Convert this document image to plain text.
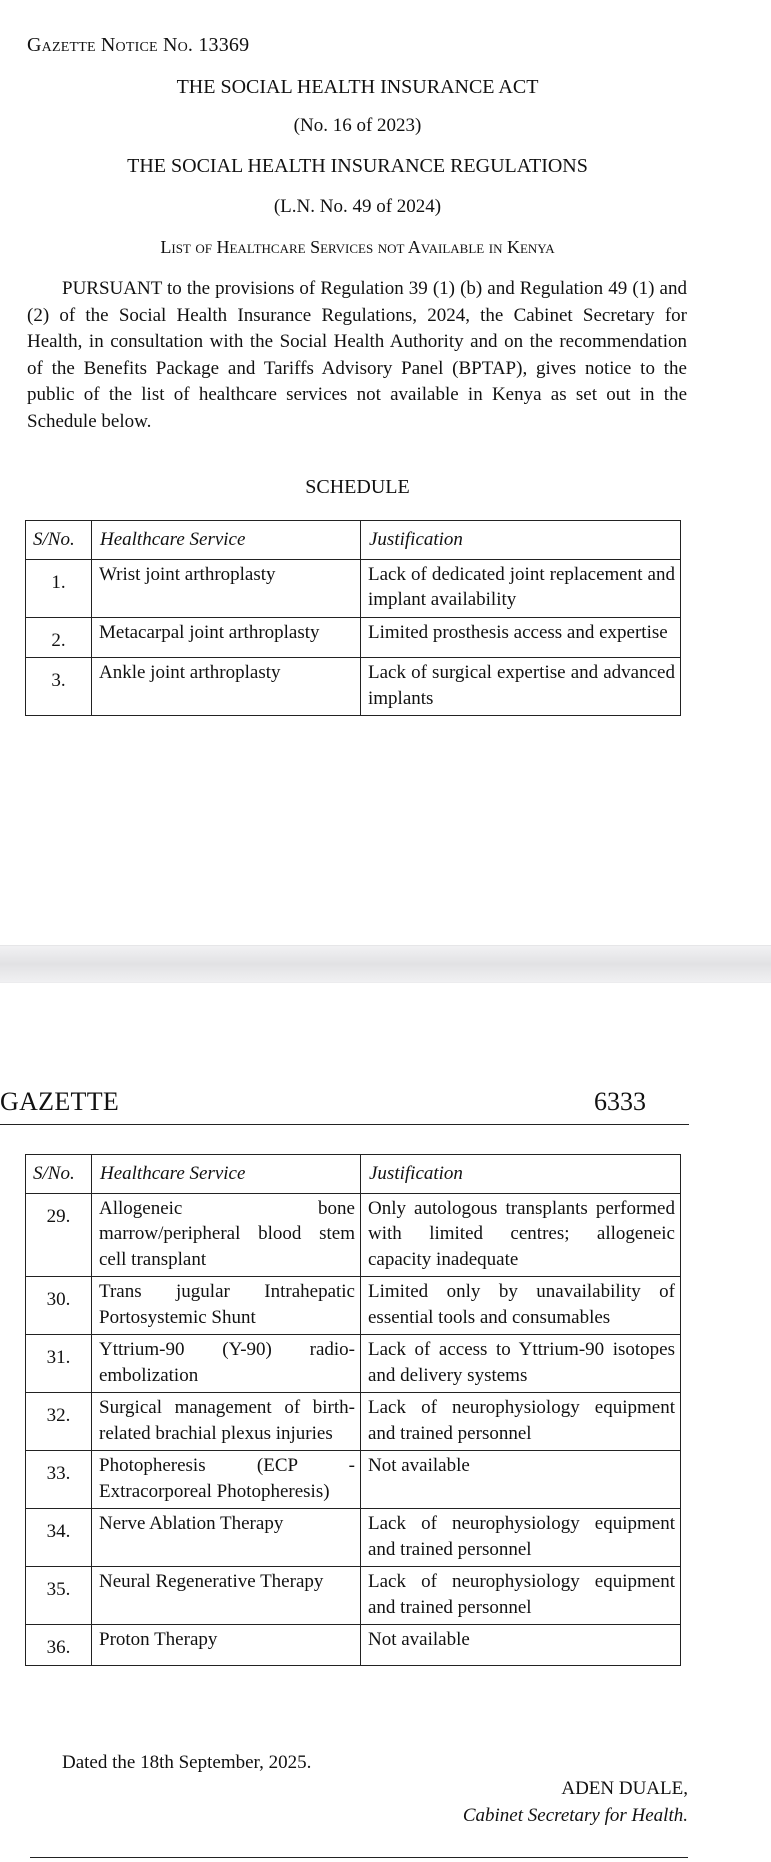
Gazette Notice No. 13369
THE SOCIAL HEALTH INSURANCE ACT
(No. 16 of 2023)
THE SOCIAL HEALTH INSURANCE REGULATIONS
(L.N. No. 49 of 2024)
List of Healthcare Services not Available in Kenya
PURSUANT to the provisions of Regulation 39 (1) (b) and Regulation 49 (1) and (2) of the Social Health Insurance Regulations, 2024, the Cabinet Secretary for Health, in consultation with the Social Health Authority and on the recommendation of the Benefits Package and Tariffs Advisory Panel (BPTAP), gives notice to the public of the list of healthcare services not available in Kenya as set out in the Schedule below.
SCHEDULE
S/No.	Healthcare Service	Justification
1.	Wrist joint arthroplasty	Lack of dedicated joint replacement and implant availability
2.	Metacarpal joint arthroplasty	Limited prosthesis access and expertise
3.	Ankle joint arthroplasty	Lack of surgical expertise and advanced implants
GAZETTE	6333
S/No.	Healthcare Service	Justification
29.	Allogeneic bone marrow/peripheral blood stem cell transplant	Only autologous transplants performed with limited centres; allogeneic capacity inadequate
30.	Trans jugular Intrahepatic Portosystemic Shunt	Limited only by unavailability of essential tools and consumables
31.	Yttrium-90 (Y-90) radio-embolization	Lack of access to Yttrium-90 isotopes and delivery systems
32.	Surgical management of birth-related brachial plexus injuries	Lack of neurophysiology equipment and trained personnel
33.	Photopheresis (ECP - Extracorporeal Photopheresis)	Not available
34.	Nerve Ablation Therapy	Lack of neurophysiology equipment and trained personnel
35.	Neural Regenerative Therapy	Lack of neurophysiology equipment and trained personnel
36.	Proton Therapy	Not available
Dated the 18th September, 2025.
ADEN DUALE,
Cabinet Secretary for Health.
